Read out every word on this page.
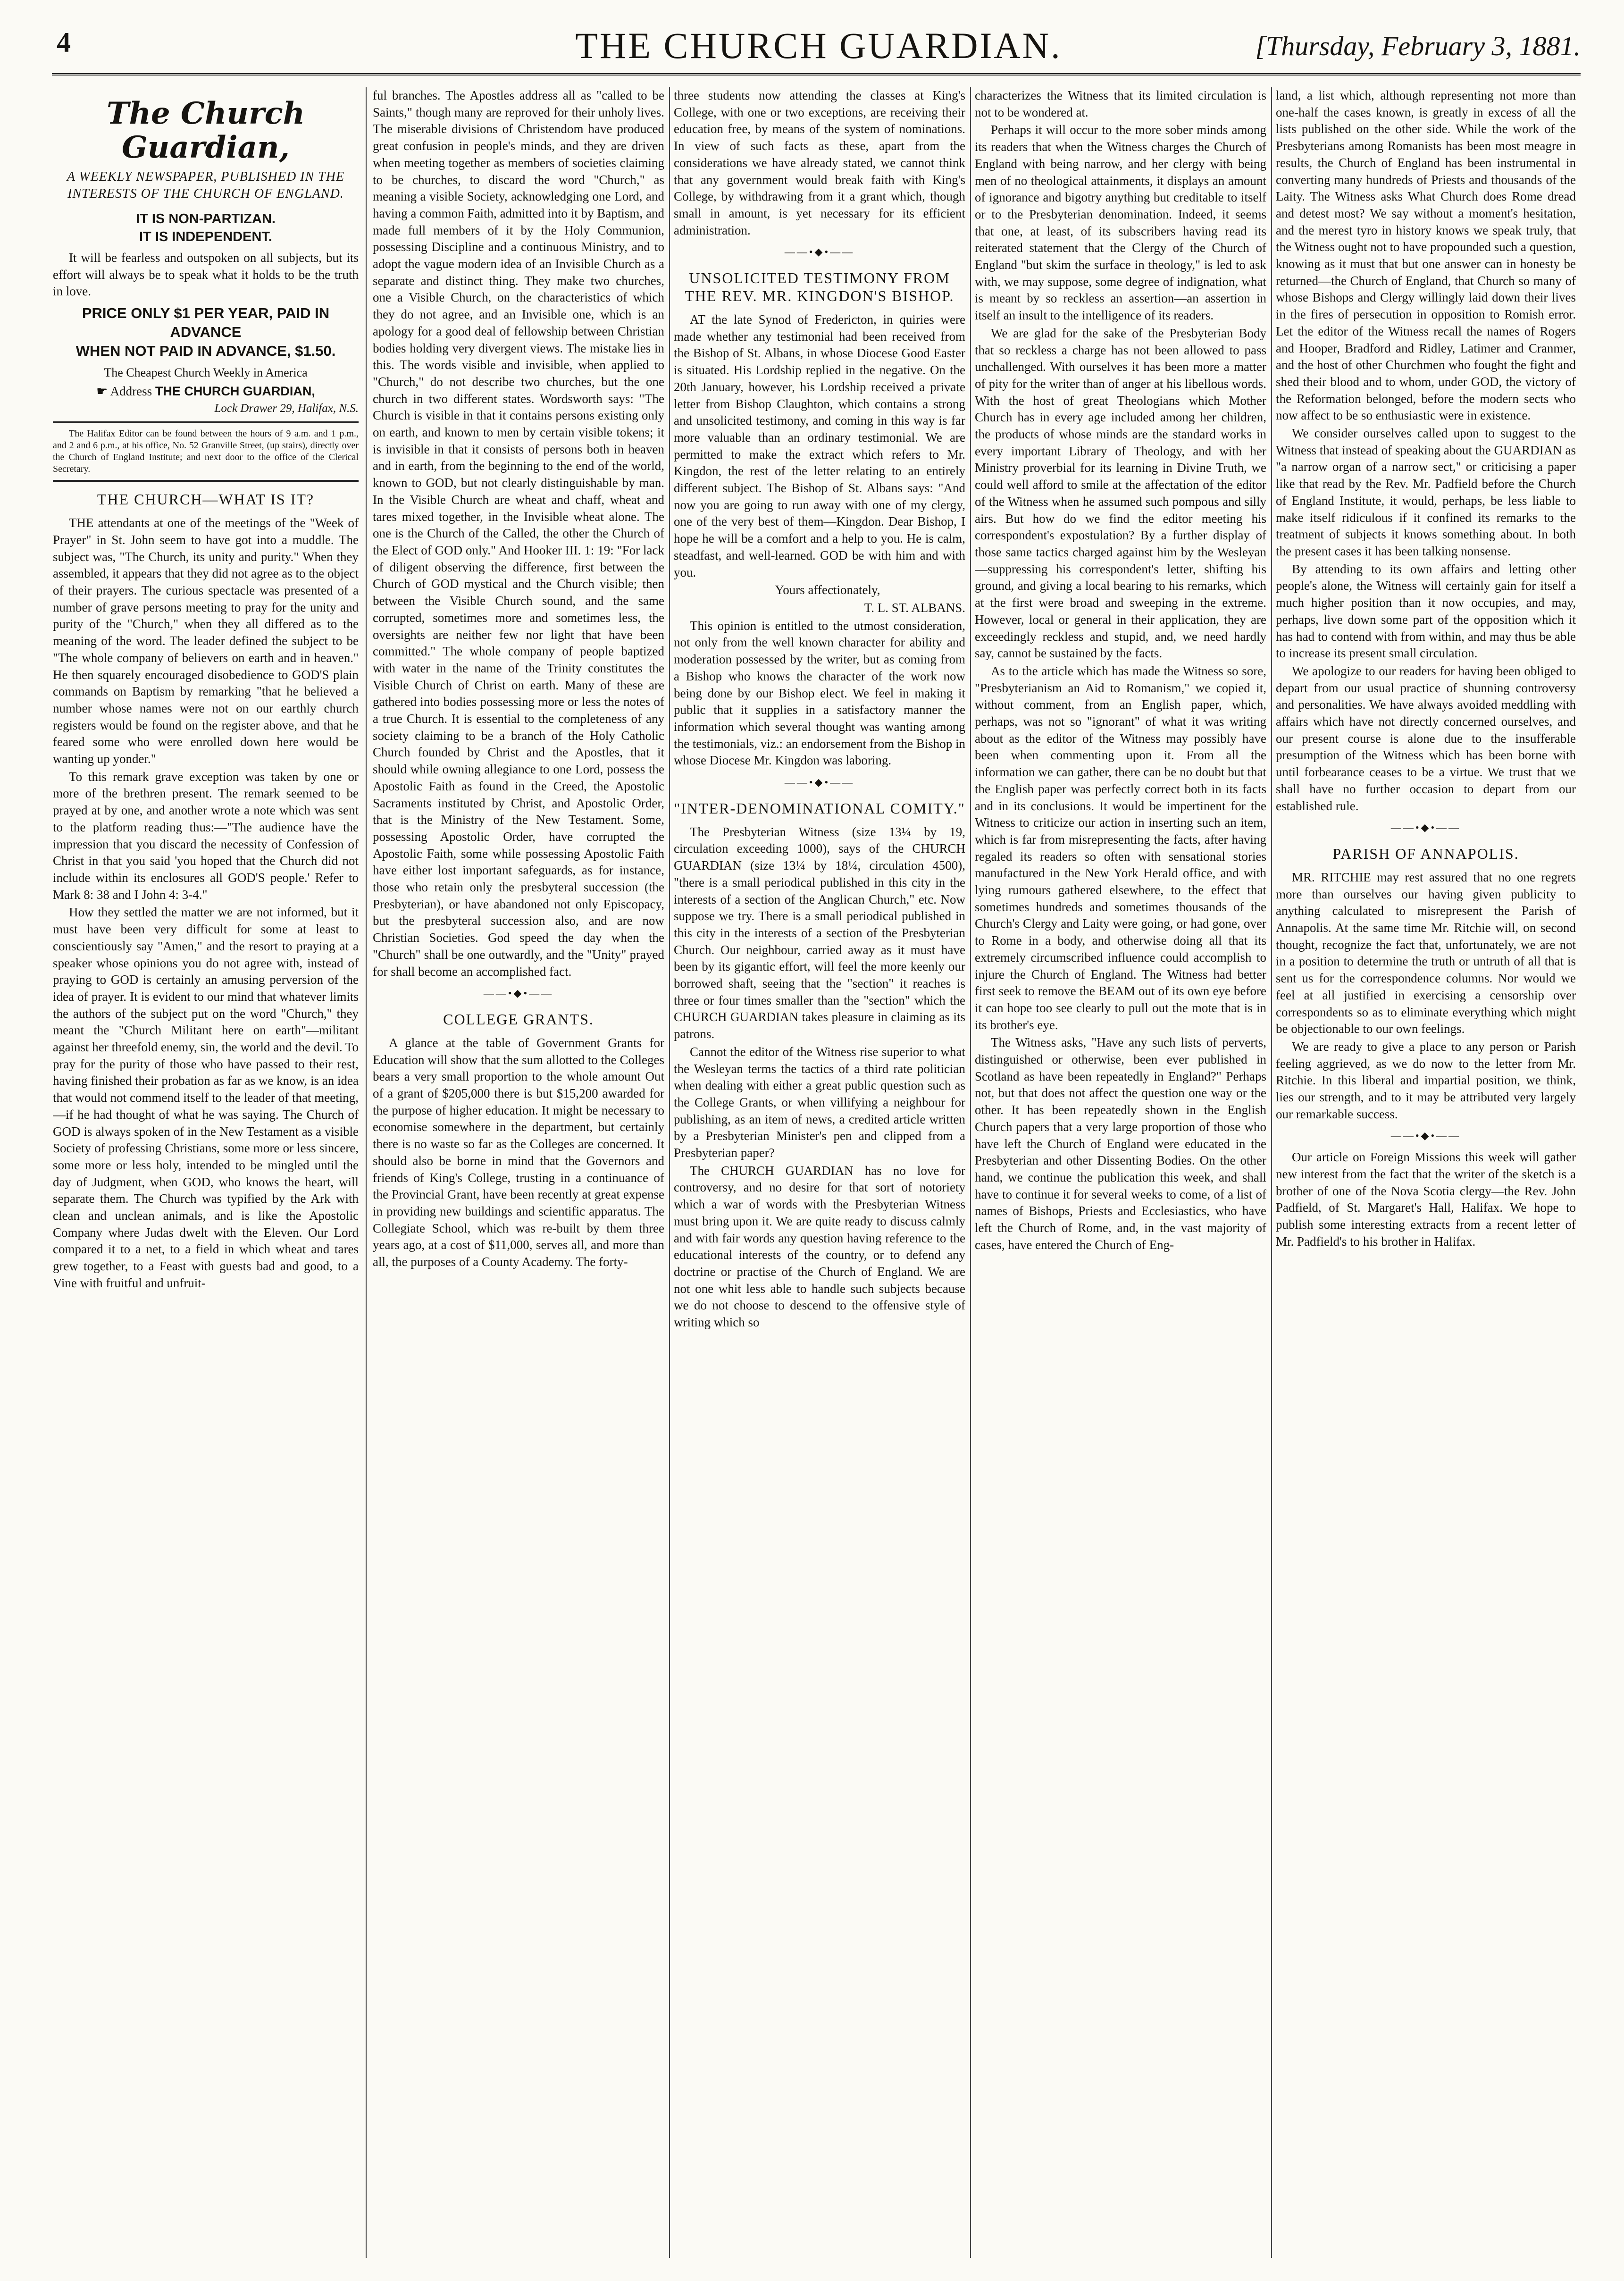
4	THE CHURCH GUARDIAN.	[Thursday, February 3, 1881.
The Church Guardian,
A WEEKLY NEWSPAPER, PUBLISHED IN THE INTERESTS OF THE CHURCH OF ENGLAND.
IT IS NON-PARTIZAN.
IT IS INDEPENDENT.

It will be fearless and outspoken on all subjects, but its effort will always be to speak what it holds to be the truth in love.

PRICE ONLY $1 PER YEAR, PAID IN ADVANCE
WHEN NOT PAID IN ADVANCE, $1.50.
The Cheapest Church Weekly in America
☛ Address THE CHURCH GUARDIAN,
Lock Drawer 29, Halifax, N.S.

The Halifax Editor can be found between the hours of 9 a.m. and 1 p.m., and 2 and 6 p.m., at his office, No. 52 Granville Street, (up stairs), directly over the Church of England Institute; and next door to the office of the Clerical Secretary.

THE CHURCH—WHAT IS IT?

THE attendants at one of the meetings of the "Week of Prayer" in St. John seem to have got into a muddle. The subject was, "The Church, its unity and purity." When they assembled, it appears that they did not agree as to the object of their prayers. The curious spectacle was presented of a number of grave persons meeting to pray for the unity and purity of the "Church," when they all differed as to the meaning of the word. The leader defined the subject to be "The whole company of believers on earth and in heaven." He then squarely encouraged disobedience to GOD'S plain commands on Baptism by remarking "that he believed a number whose names were not on our earthly church registers would be found on the register above, and that he feared some who were enrolled down here would be wanting up yonder."

To this remark grave exception was taken by one or more of the brethren present. The remark seemed to be prayed at by one, and another wrote a note which was sent to the platform reading thus:—"The audience have the impression that you discard the necessity of Confession of Christ in that you said 'you hoped that the Church did not include within its enclosures all GOD'S people.' Refer to Mark 8: 38 and I John 4: 3-4."

How they settled the matter we are not informed, but it must have been very difficult for some at least to conscientiously say "Amen," and the resort to praying at a speaker whose opinions you do not agree with, instead of praying to GOD is certainly an amusing perversion of the idea of prayer. It is evident to our mind that whatever limits the authors of the subject put on the word "Church," they meant the "Church Militant here on earth"—militant against her threefold enemy, sin, the world and the devil. To pray for the purity of those who have passed to their rest, having finished their probation as far as we know, is an idea that would not commend itself to the leader of that meeting,—if he had thought of what he was saying. The Church of GOD is always spoken of in the New Testament as a visible Society of professing Christians, some more or less sincere, some more or less holy, intended to be mingled until the day of Judgment, when GOD, who knows the heart, will separate them. The Church was typified by the Ark with clean and unclean animals, and is like the Apostolic Company where Judas dwelt with the Eleven. Our Lord compared it to a net, to a field in which wheat and tares grew together, to a Feast with guests bad and good, to a Vine with fruitful and unfruit-

ful branches. The Apostles address all as "called to be Saints," though many are reproved for their unholy lives. The miserable divisions of Christendom have produced great confusion in people's minds, and they are driven when meeting together as members of societies claiming to be churches, to discard the word "Church," as meaning a visible Society, acknowledging one Lord, and having a common Faith, admitted into it by Baptism, and made full members of it by the Holy Communion, possessing Discipline and a continuous Ministry, and to adopt the vague modern idea of an Invisible Church as a separate and distinct thing. They make two churches, one a Visible Church, on the characteristics of which they do not agree, and an Invisible one, which is an apology for a good deal of fellowship between Christian bodies holding very divergent views. The mistake lies in this. The words visible and invisible, when applied to "Church," do not describe two churches, but the one church in two different states. Wordsworth says: "The Church is visible in that it contains persons existing only on earth, and known to men by certain visible tokens; it is invisible in that it consists of persons both in heaven and in earth, from the beginning to the end of the world, known to GOD, but not clearly distinguishable by man. In the Visible Church are wheat and chaff, wheat and tares mixed together, in the Invisible wheat alone. The one is the Church of the Called, the other the Church of the Elect of GOD only." And Hooker III. 1: 19: "For lack of diligent observing the difference, first between the Church of GOD mystical and the Church visible; then between the Visible Church sound, and the same corrupted, sometimes more and sometimes less, the oversights are neither few nor light that have been committed." The whole company of people baptized with water in the name of the Trinity constitutes the Visible Church of Christ on earth. Many of these are gathered into bodies possessing more or less the notes of a true Church. It is essential to the completeness of any society claiming to be a branch of the Holy Catholic Church founded by Christ and the Apostles, that it should while owning allegiance to one Lord, possess the Apostolic Faith as found in the Creed, the Apostolic Sacraments instituted by Christ, and Apostolic Order, that is the Ministry of the New Testament. Some, possessing Apostolic Order, have corrupted the Apostolic Faith, some while possessing Apostolic Faith have either lost important safeguards, as for instance, those who retain only the presbyteral succession (the Presbyterian), or have abandoned not only Episcopacy, but the presbyteral succession also, and are now Christian Societies. God speed the day when the "Church" shall be one outwardly, and the "Unity" prayed for shall become an accomplished fact.

——•◆•——
COLLEGE GRANTS.

A glance at the table of Government Grants for Education will show that the sum allotted to the Colleges bears a very small proportion to the whole amount Out of a grant of $205,000 there is but $15,200 awarded for the purpose of higher education. It might be necessary to economise somewhere in the department, but certainly there is no waste so far as the Colleges are concerned. It should also be borne in mind that the Governors and friends of King's College, trusting in a continuance of the Provincial Grant, have been recently at great expense in providing new buildings and scientific apparatus. The Collegiate School, which was re-built by them three years ago, at a cost of $11,000, serves all, and more than all, the purposes of a County Academy. The forty-

three students now attending the classes at King's College, with one or two exceptions, are receiving their education free, by means of the system of nominations. In view of such facts as these, apart from the considerations we have already stated, we cannot think that any government would break faith with King's College, by withdrawing from it a grant which, though small in amount, is yet necessary for its efficient administration.

——•◆•——
UNSOLICITED TESTIMONY FROM THE REV. MR. KINGDON'S BISHOP.

AT the late Synod of Fredericton, in quiries were made whether any testimonial had been received from the Bishop of St. Albans, in whose Diocese Good Easter is situated. His Lordship replied in the negative. On the 20th January, however, his Lordship received a private letter from Bishop Claughton, which contains a strong and unsolicited testimony, and coming in this way is far more valuable than an ordinary testimonial. We are permitted to make the extract which refers to Mr. Kingdon, the rest of the letter relating to an entirely different subject. The Bishop of St. Albans says: "And now you are going to run away with one of my clergy, one of the very best of them—Kingdon. Dear Bishop, I hope he will be a comfort and a help to you. He is calm, steadfast, and well-learned. GOD be with him and with you.

Yours affectionately,

T. L. ST. ALBANS.

This opinion is entitled to the utmost consideration, not only from the well known character for ability and moderation possessed by the writer, but as coming from a Bishop who knows the character of the work now being done by our Bishop elect. We feel in making it public that it supplies in a satisfactory manner the information which several thought was wanting among the testimonials, viz.: an endorsement from the Bishop in whose Diocese Mr. Kingdon was laboring.

——•◆•——
"INTER-DENOMINATIONAL COMITY."

The Presbyterian Witness (size 13¼ by 19, circulation exceeding 1000), says of the CHURCH GUARDIAN (size 13¼ by 18¼, circulation 4500), "there is a small periodical published in this city in the interests of a section of the Anglican Church," etc. Now suppose we try. There is a small periodical published in this city in the interests of a section of the Presbyterian Church. Our neighbour, carried away as it must have been by its gigantic effort, will feel the more keenly our borrowed shaft, seeing that the "section" it reaches is three or four times smaller than the "section" which the CHURCH GUARDIAN takes pleasure in claiming as its patrons.

Cannot the editor of the Witness rise superior to what the Wesleyan terms the tactics of a third rate politician when dealing with either a great public question such as the College Grants, or when villifying a neighbour for publishing, as an item of news, a credited article written by a Presbyterian Minister's pen and clipped from a Presbyterian paper?

The CHURCH GUARDIAN has no love for controversy, and no desire for that sort of notoriety which a war of words with the Presbyterian Witness must bring upon it. We are quite ready to discuss calmly and with fair words any question having reference to the educational interests of the country, or to defend any doctrine or practise of the Church of England. We are not one whit less able to handle such subjects because we do not choose to descend to the offensive style of writing which so

characterizes the Witness that its limited circulation is not to be wondered at.

Perhaps it will occur to the more sober minds among its readers that when the Witness charges the Church of England with being narrow, and her clergy with being men of no theological attainments, it displays an amount of ignorance and bigotry anything but creditable to itself or to the Presbyterian denomination. Indeed, it seems that one, at least, of its subscribers having read its reiterated statement that the Clergy of the Church of England "but skim the surface in theology," is led to ask with, we may suppose, some degree of indignation, what is meant by so reckless an assertion—an assertion in itself an insult to the intelligence of its readers.

We are glad for the sake of the Presbyterian Body that so reckless a charge has not been allowed to pass unchallenged. With ourselves it has been more a matter of pity for the writer than of anger at his libellous words. With the host of great Theologians which Mother Church has in every age included among her children, the products of whose minds are the standard works in every important Library of Theology, and with her Ministry proverbial for its learning in Divine Truth, we could well afford to smile at the affectation of the editor of the Witness when he assumed such pompous and silly airs. But how do we find the editor meeting his correspondent's expostulation? By a further display of those same tactics charged against him by the Wesleyan—suppressing his correspondent's letter, shifting his ground, and giving a local bearing to his remarks, which at the first were broad and sweeping in the extreme. However, local or general in their application, they are exceedingly reckless and stupid, and, we need hardly say, cannot be sustained by the facts.

As to the article which has made the Witness so sore, "Presbyterianism an Aid to Romanism," we copied it, without comment, from an English paper, which, perhaps, was not so "ignorant" of what it was writing about as the editor of the Witness may possibly have been when commenting upon it. From all the information we can gather, there can be no doubt but that the English paper was perfectly correct both in its facts and in its conclusions. It would be impertinent for the Witness to criticize our action in inserting such an item, which is far from misrepresenting the facts, after having regaled its readers so often with sensational stories manufactured in the New York Herald office, and with lying rumours gathered elsewhere, to the effect that sometimes hundreds and sometimes thousands of the Church's Clergy and Laity were going, or had gone, over to Rome in a body, and otherwise doing all that its extremely circumscribed influence could accomplish to injure the Church of England. The Witness had better first seek to remove the BEAM out of its own eye before it can hope too see clearly to pull out the mote that is in its brother's eye.

The Witness asks, "Have any such lists of perverts, distinguished or otherwise, been ever published in Scotland as have been repeatedly in England?" Perhaps not, but that does not affect the question one way or the other. It has been repeatedly shown in the English Church papers that a very large proportion of those who have left the Church of England were educated in the Presbyterian and other Dissenting Bodies. On the other hand, we continue the publication this week, and shall have to continue it for several weeks to come, of a list of names of Bishops, Priests and Ecclesiastics, who have left the Church of Rome, and, in the vast majority of cases, have entered the Church of Eng-

land, a list which, although representing not more than one-half the cases known, is greatly in excess of all the lists published on the other side. While the work of the Presbyterians among Romanists has been most meagre in results, the Church of England has been instrumental in converting many hundreds of Priests and thousands of the Laity. The Witness asks What Church does Rome dread and detest most? We say without a moment's hesitation, and the merest tyro in history knows we speak truly, that the Witness ought not to have propounded such a question, knowing as it must that but one answer can in honesty be returned—the Church of England, that Church so many of whose Bishops and Clergy willingly laid down their lives in the fires of persecution in opposition to Romish error. Let the editor of the Witness recall the names of Rogers and Hooper, Bradford and Ridley, Latimer and Cranmer, and the host of other Churchmen who fought the fight and shed their blood and to whom, under GOD, the victory of the Reformation belonged, before the modern sects who now affect to be so enthusiastic were in existence.

We consider ourselves called upon to suggest to the Witness that instead of speaking about the GUARDIAN as "a narrow organ of a narrow sect," or criticising a paper like that read by the Rev. Mr. Padfield before the Church of England Institute, it would, perhaps, be less liable to make itself ridiculous if it confined its remarks to the treatment of subjects it knows something about. In both the present cases it has been talking nonsense.

By attending to its own affairs and letting other people's alone, the Witness will certainly gain for itself a much higher position than it now occupies, and may, perhaps, live down some part of the opposition which it has had to contend with from within, and may thus be able to increase its present small circulation.

We apologize to our readers for having been obliged to depart from our usual practice of shunning controversy and personalities. We have always avoided meddling with affairs which have not directly concerned ourselves, and our present course is alone due to the insufferable presumption of the Witness which has been borne with until forbearance ceases to be a virtue. We trust that we shall have no further occasion to depart from our established rule.

——•◆•——
PARISH OF ANNAPOLIS.

MR. RITCHIE may rest assured that no one regrets more than ourselves our having given publicity to anything calculated to misrepresent the Parish of Annapolis. At the same time Mr. Ritchie will, on second thought, recognize the fact that, unfortunately, we are not in a position to determine the truth or untruth of all that is sent us for the correspondence columns. Nor would we feel at all justified in exercising a censorship over correspondents so as to eliminate everything which might be objectionable to our own feelings.

We are ready to give a place to any person or Parish feeling aggrieved, as we do now to the letter from Mr. Ritchie. In this liberal and impartial position, we think, lies our strength, and to it may be attributed very largely our remarkable success.

——•◆•——

Our article on Foreign Missions this week will gather new interest from the fact that the writer of the sketch is a brother of one of the Nova Scotia clergy—the Rev. John Padfield, of St. Margaret's Hall, Halifax. We hope to publish some interesting extracts from a recent letter of Mr. Padfield's to his brother in Halifax.
